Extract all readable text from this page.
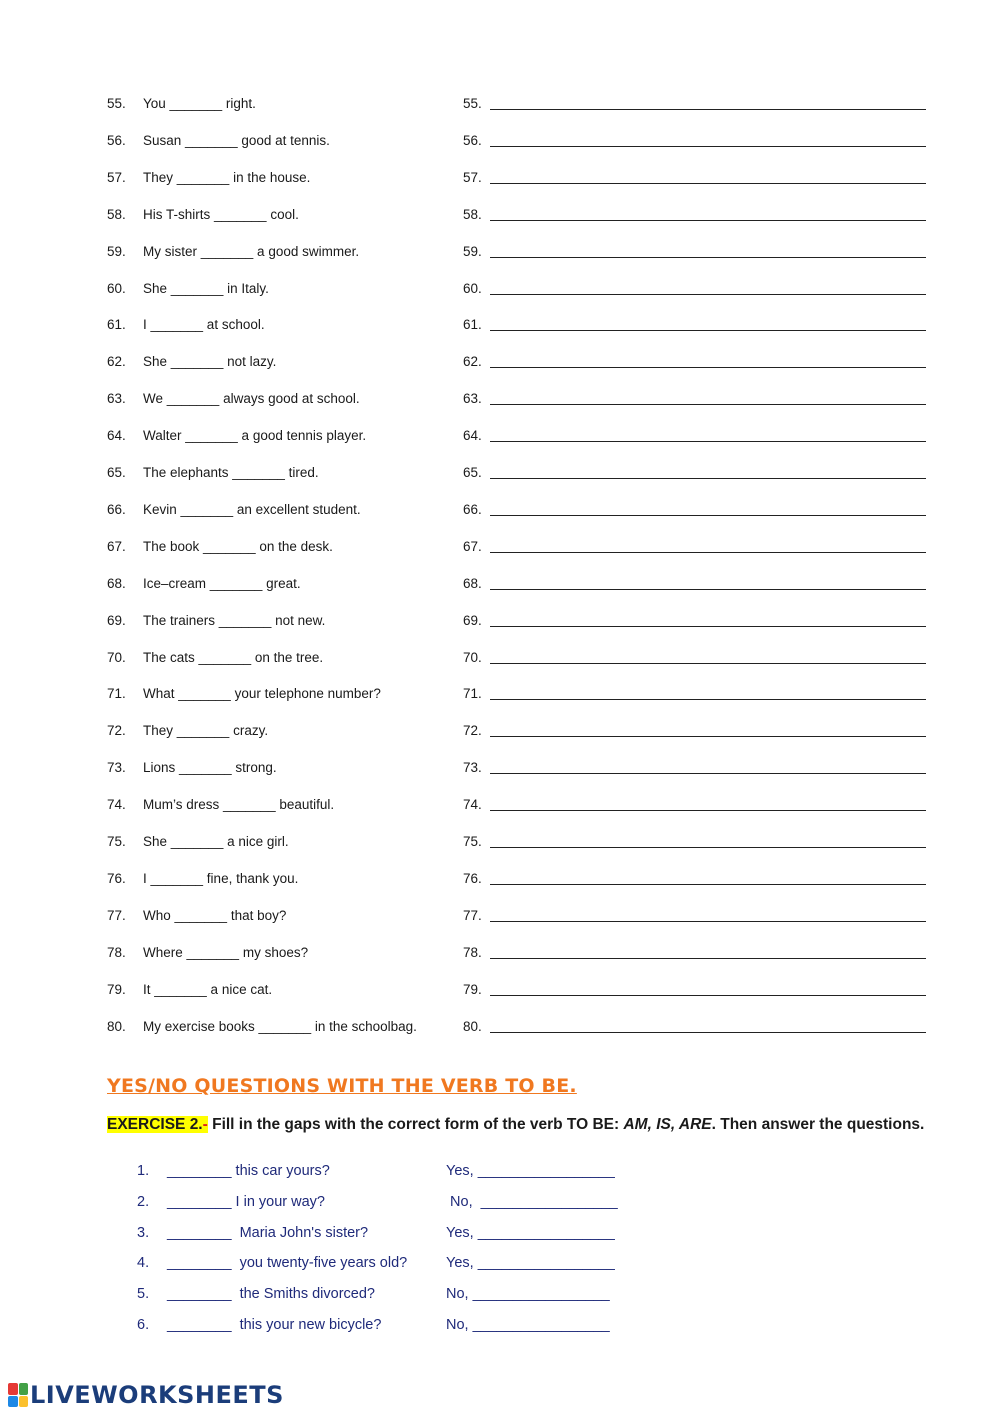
55.	You _______ right.	55.
56.	Susan _______ good at tennis.	56.
57.	They _______ in the house.	57.
58.	His T-shirts _______ cool.	58.
59.	My sister _______ a good swimmer.	59.
60.	She _______ in Italy.	60.
61.	I _______ at school.	61.
62.	She _______ not lazy.	62.
63.	We _______ always good at school.	63.
64.	Walter _______ a good tennis player.	64.
65.	The elephants _______ tired.	65.
66.	Kevin _______ an excellent student.	66.
67.	The book _______ on the desk.	67.
68.	Ice–cream _______ great.	68.
69.	The trainers _______ not new.	69.
70.	The cats _______ on the tree.	70.
71.	What _______ your telephone number?	71.
72.	They _______ crazy.	72.
73.	Lions _______ strong.	73.
74.	Mum’s dress _______ beautiful.	74.
75.	She _______ a nice girl.	75.
76.	I _______ fine, thank you.	76.
77.	Who _______ that boy?	77.
78.	Where _______ my shoes?	78.
79.	It _______ a nice cat.	79.
80.	My exercise books _______ in the schoolbag.	80.
YES/NO QUESTIONS WITH THE VERB TO BE.
EXERCISE 2.- Fill in the gaps with the correct form of the verb TO BE: AM, IS, ARE. Then answer the questions.
1. ________ this car yours?	Yes, _________________
2. ________ I in your way?	No,  _________________
3. ________  Maria John's sister?	Yes, _________________
4. ________  you twenty-five years old?	Yes, _________________
5. ________  the Smiths divorced?	No, _________________
6. ________  this your new bicycle?	No, _________________
LIVEWORKSHEETS
